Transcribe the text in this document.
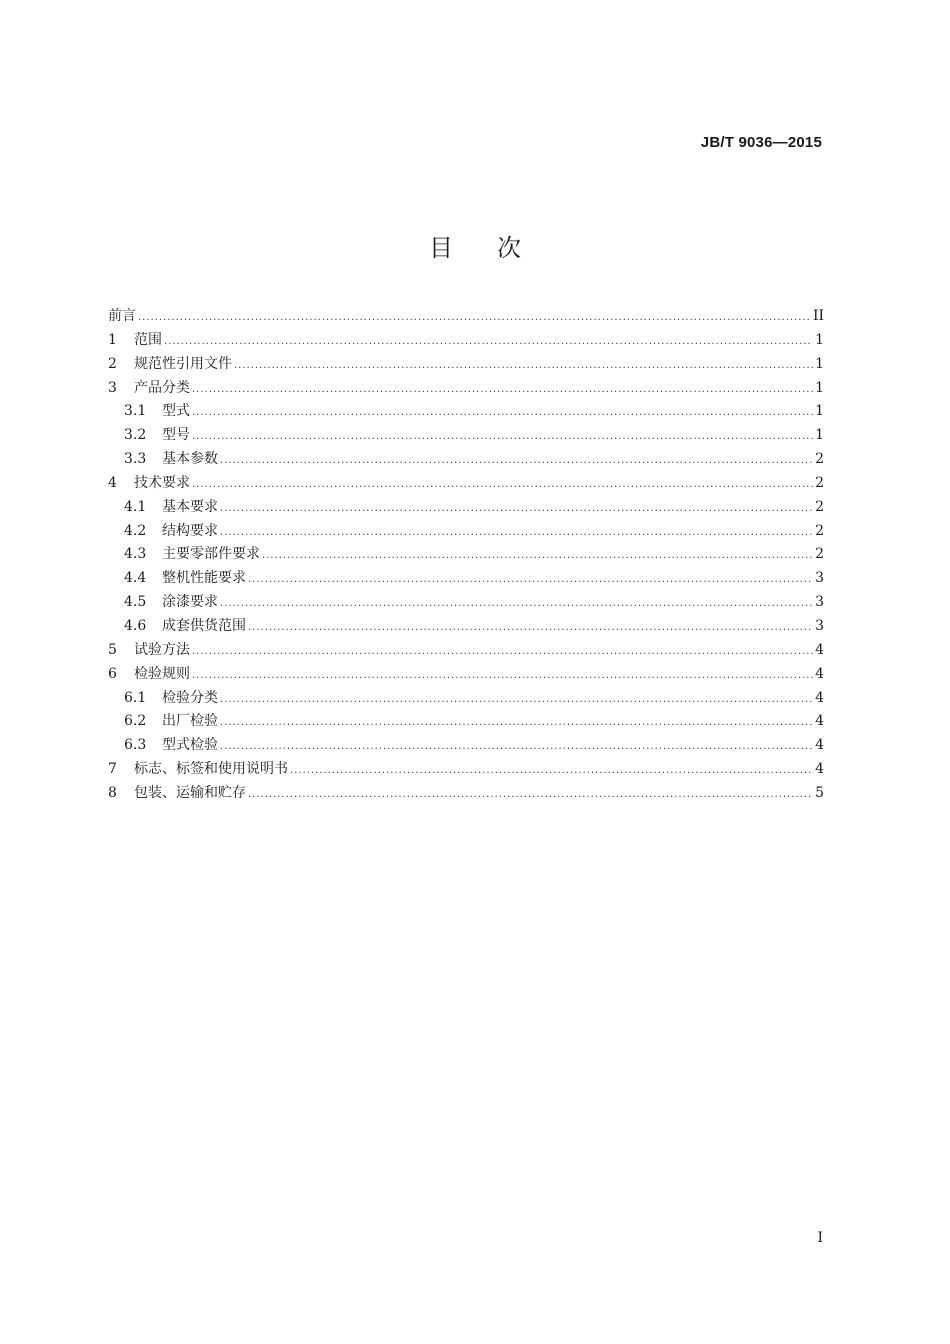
JB/T 9036—2015
目 次
前言 .....	II
1	范围 .....	1
2	规范性引用文件 .....	1
3	产品分类 .....	1
3.1	型式 .....	1
3.2	型号 .....	1
3.3	基本参数 .....	2
4	技术要求 .....	2
4.1	基本要求 .....	2
4.2	结构要求 .....	2
4.3	主要零部件要求 .....	2
4.4	整机性能要求 .....	3
4.5	涂漆要求 .....	3
4.6	成套供货范围 .....	3
5	试验方法 .....	4
6	检验规则 .....	4
6.1	检验分类 .....	4
6.2	出厂检验 .....	4
6.3	型式检验 .....	4
7	标志、标签和使用说明书 .....	4
8	包装、运输和贮存 .....	5
I
